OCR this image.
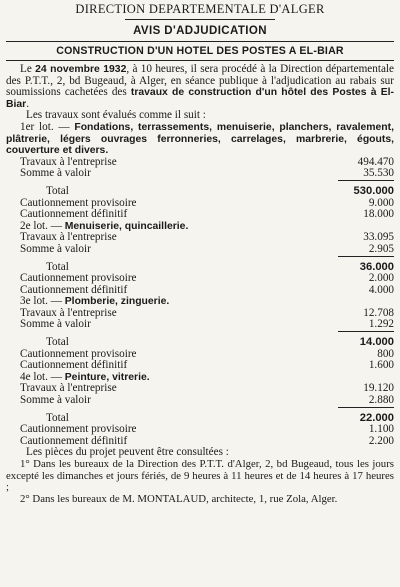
DIRECTION DEPARTEMENTALE D'ALGER
AVIS D'ADJUDICATION
CONSTRUCTION D'UN HOTEL DES POSTES A EL-BIAR
Le 24 novembre 1932, à 10 heures, il sera procédé à la Direction départementale des P.T.T., 2, bd Bugeaud, à Alger, en séance publique à l'adjudication au rabais sur soumissions cachetées des travaux de construction d'un hôtel des Postes à El-Biar.
Les travaux sont évalués comme il suit :
1er lot. — Fondations, terrassements, menuiserie, planchers, ravalement, plâtrerie, légers ouvrages ferronneries, carrelages, marbrerie, égouts, couverture et divers.
Travaux à l'entreprise	494.470
Somme à valoir	35.530
Total	530.000
Cautionnement provisoire	9.000
Cautionnement définitif	18.000
2e lot. — Menuiserie, quincaillerie.
Travaux à l'entreprise	33.095
Somme à valoir	2.905
Total	36.000
Cautionnement provisoire	2.000
Cautionnement définitif	4.000
3e lot. — Plomberie, zinguerie.
Travaux à l'entreprise	12.708
Somme à valoir	1.292
Total	14.000
Cautionnement provisoire	800
Cautionnement définitif	1.600
4e lot. — Peinture, vitrerie.
Travaux à l'entreprise	19.120
Somme à valoir	2.880
Total	22.000
Cautionnement provisoire	1.100
Cautionnement définitif	2.200
Les pièces du projet peuvent être consultées :
1° Dans les bureaux de la Direction des P.T.T. d'Alger, 2, bd Bugeaud, tous les jours excepté les dimanches et jours fériés, de 9 heures à 11 heures et de 14 heures à 17 heures ;
2° Dans les bureaux de M. MONTALAUD, architecte, 1, rue Zola, Alger.
